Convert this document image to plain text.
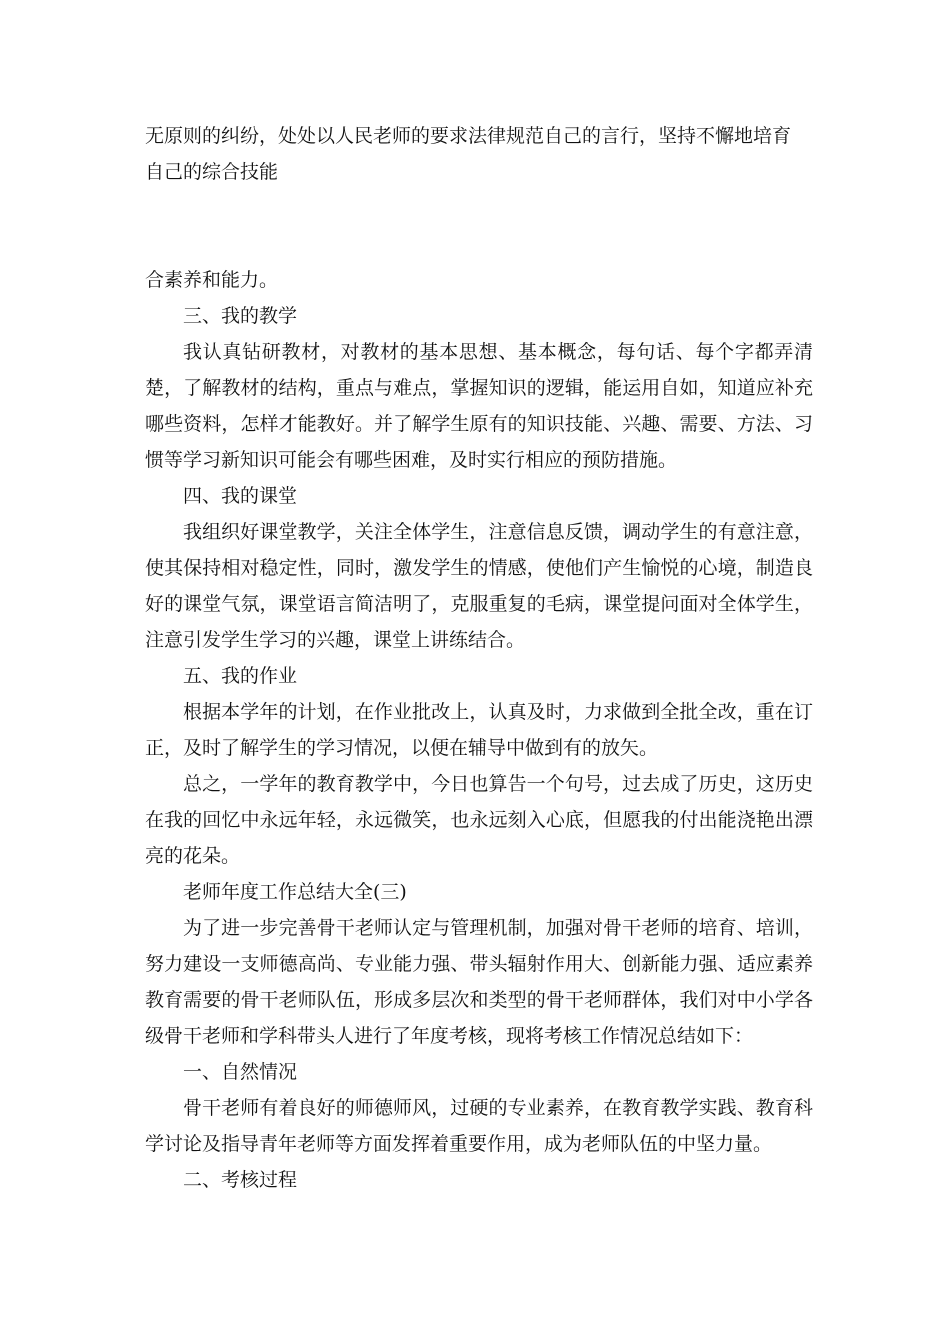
无原则的纠纷，处处以人民老师的要求法律规范自己的言行，坚持不懈地培育

自己的综合技能

合素养和能力。

三、我的教学

我认真钻研教材，对教材的基本思想、基本概念，每句话、每个字都弄清楚，了解教材的结构，重点与难点，掌握知识的逻辑，能运用自如，知道应补充哪些资料，怎样才能教好。并了解学生原有的知识技能、兴趣、需要、方法、习惯等学习新知识可能会有哪些困难，及时实行相应的预防措施。

四、我的课堂

我组织好课堂教学，关注全体学生，注意信息反馈，调动学生的有意注意，使其保持相对稳定性，同时，激发学生的情感，使他们产生愉悦的心境，制造良好的课堂气氛，课堂语言简洁明了，克服重复的毛病，课堂提问面对全体学生，注意引发学生学习的兴趣，课堂上讲练结合。

五、我的作业

根据本学年的计划，在作业批改上，认真及时，力求做到全批全改，重在订正，及时了解学生的学习情况，以便在辅导中做到有的放矢。

总之，一学年的教育教学中，今日也算告一个句号，过去成了历史，这历史在我的回忆中永远年轻，永远微笑，也永远刻入心底，但愿我的付出能浇艳出漂亮的花朵。

老师年度工作总结大全(三)

为了进一步完善骨干老师认定与管理机制，加强对骨干老师的培育、培训，努力建设一支师德高尚、专业能力强、带头辐射作用大、创新能力强、适应素养教育需要的骨干老师队伍，形成多层次和类型的骨干老师群体，我们对中小学各级骨干老师和学科带头人进行了年度考核，现将考核工作情况总结如下：

一、自然情况

骨干老师有着良好的师德师风，过硬的专业素养，在教育教学实践、教育科学讨论及指导青年老师等方面发挥着重要作用，成为老师队伍的中坚力量。

二、考核过程
